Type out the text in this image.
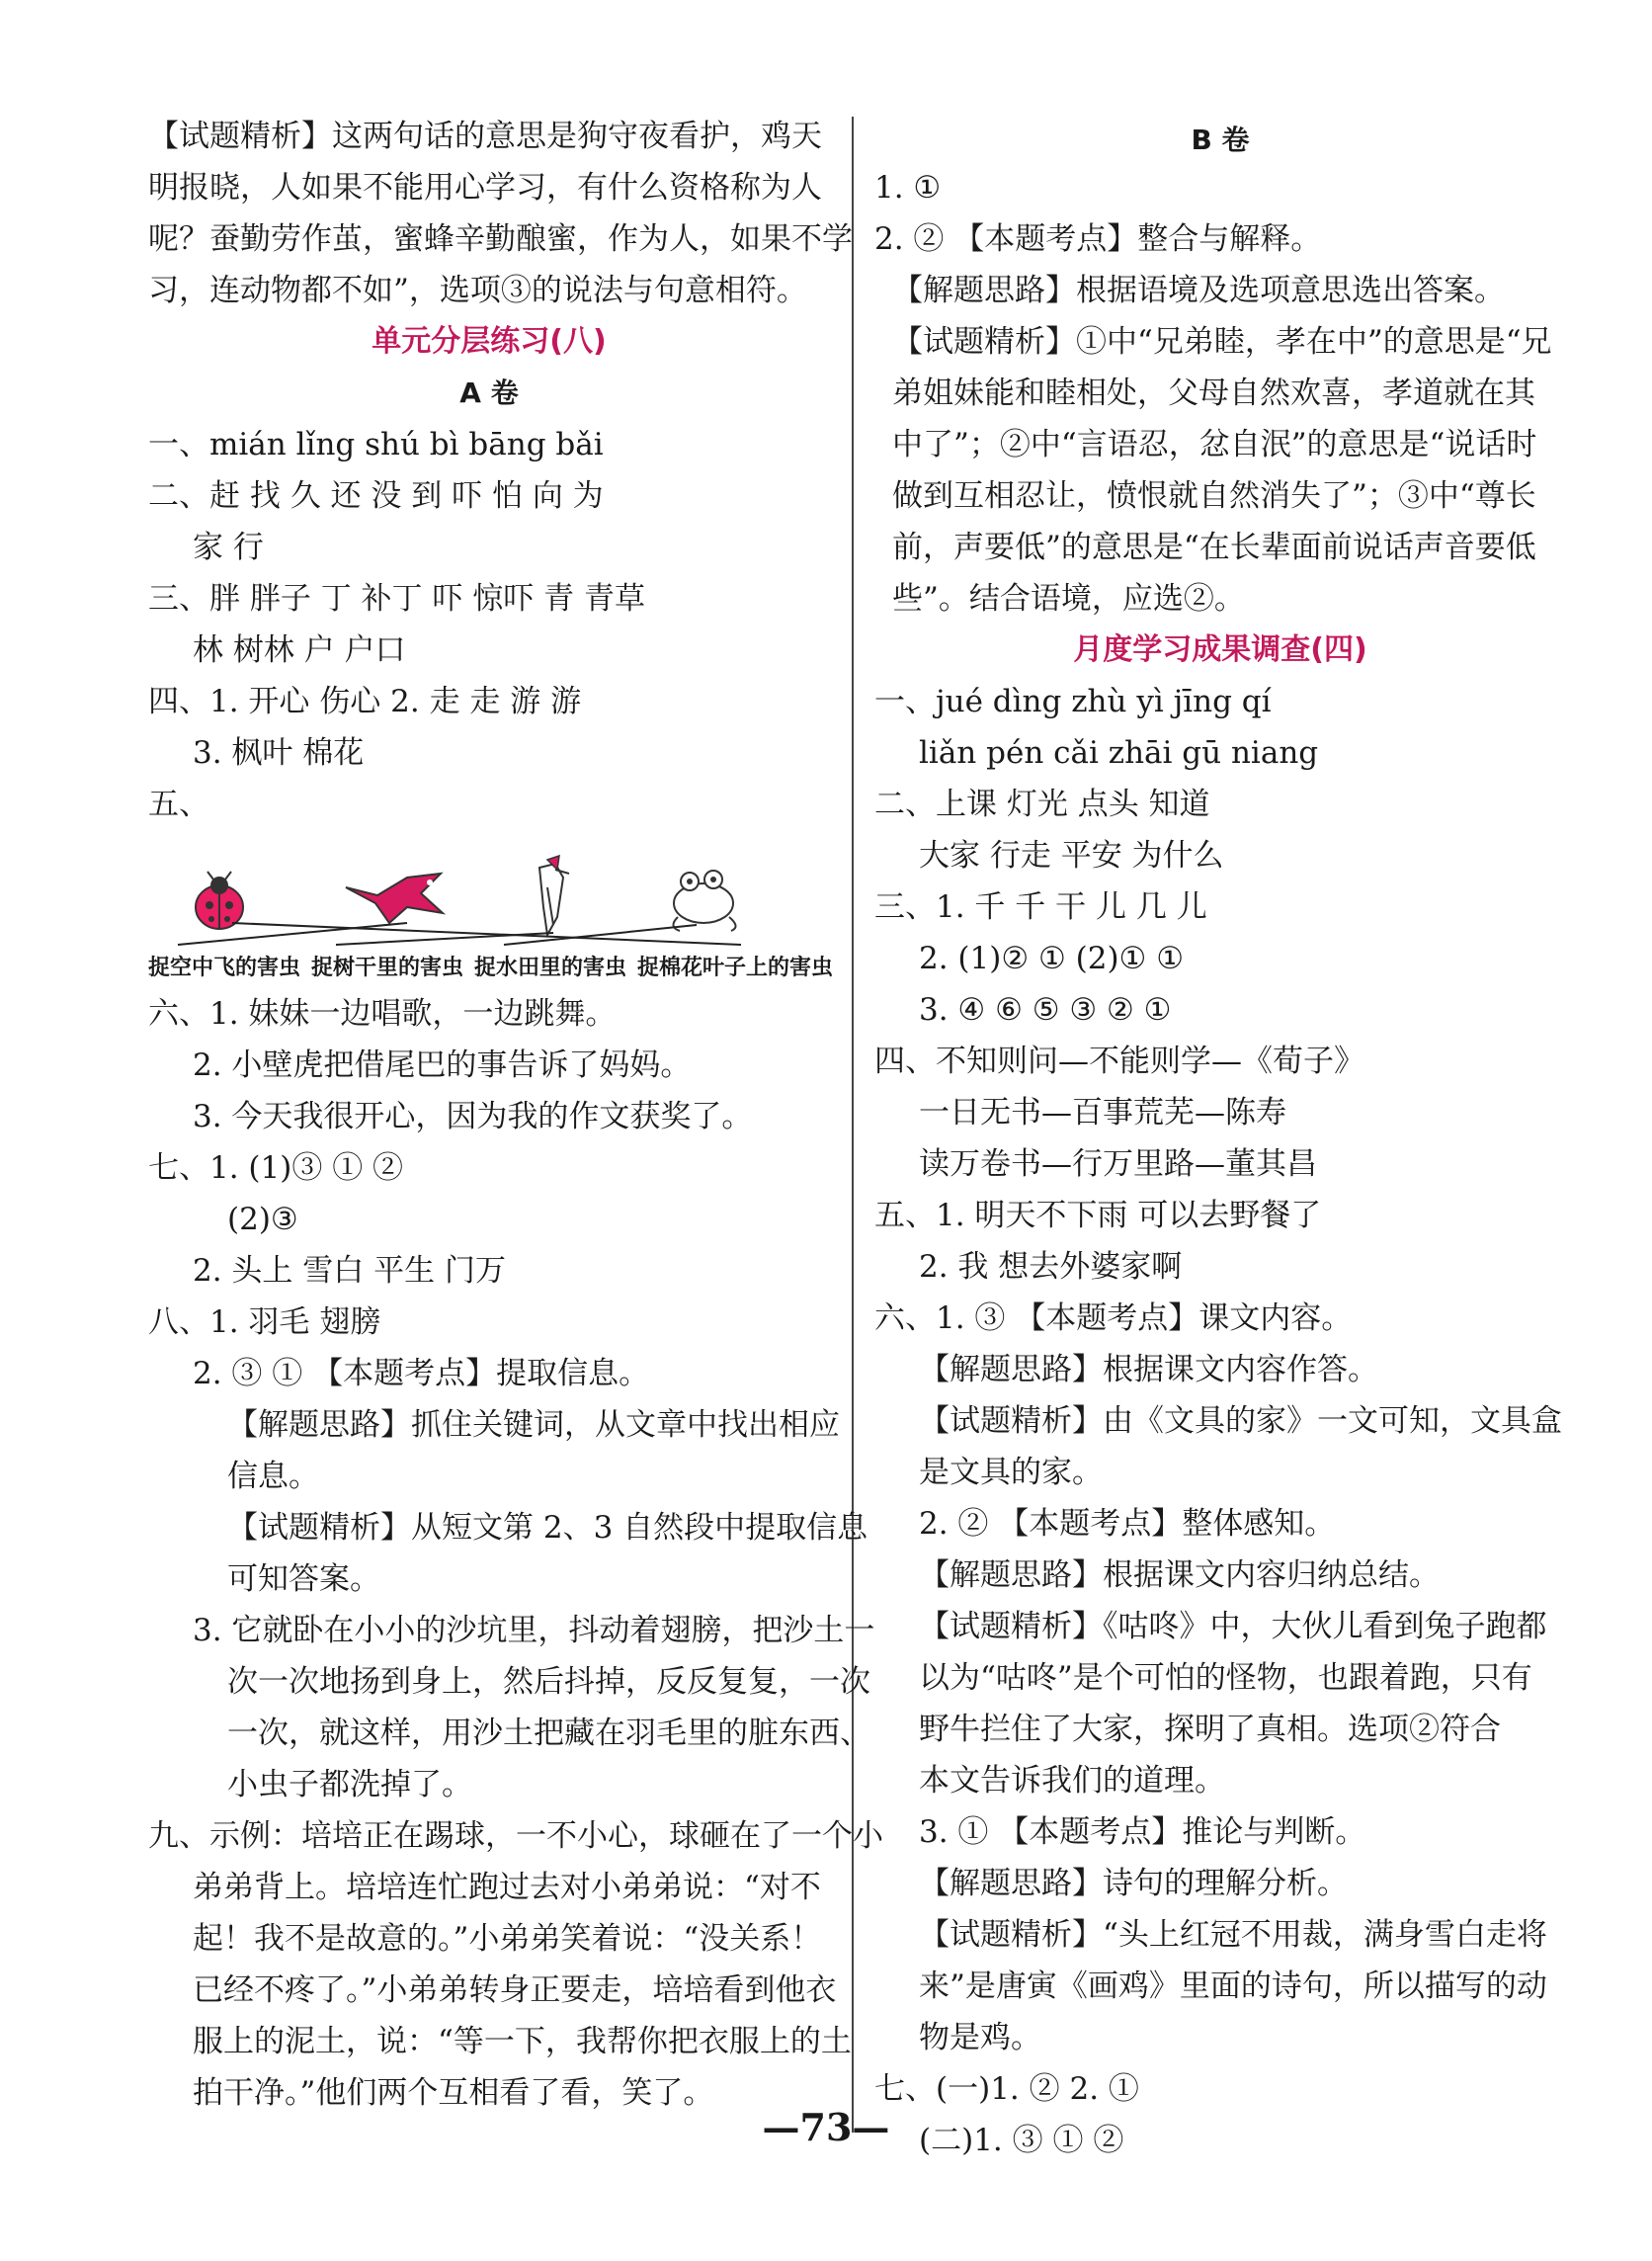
【试题精析】这两句话的意思是狗守夜看护，鸡天
明报晓，人如果不能用心学习，有什么资格称为人
呢？蚕勤劳作茧，蜜蜂辛勤酿蜜，作为人，如果不学
习，连动物都不如”，选项③的说法与句意相符。
单元分层练习(八)
A 卷
一、mián lǐng shú bì bāng bǎi
二、赶 找 久 还 没 到 吓 怕 向 为
家 行
三、胖 胖子 丁 补丁 吓 惊吓 青 青草
林 树林 户 户口
四、1. 开心 伤心 2. 走 走 游 游
3. 枫叶 棉花
五、
捉空中飞的害虫 捉树干里的害虫 捉水田里的害虫 捉棉花叶子上的害虫
六、1. 妹妹一边唱歌，一边跳舞。
2. 小壁虎把借尾巴的事告诉了妈妈。
3. 今天我很开心，因为我的作文获奖了。
七、1. (1)③ ① ②
(2)③
2. 头上 雪白 平生 门万
八、1. 羽毛 翅膀
2. ③ ① 【本题考点】提取信息。
【解题思路】抓住关键词，从文章中找出相应
信息。
【试题精析】从短文第 2、3 自然段中提取信息
可知答案。
3. 它就卧在小小的沙坑里，抖动着翅膀，把沙土一
次一次地扬到身上，然后抖掉，反反复复，一次
一次，就这样，用沙土把藏在羽毛里的脏东西、
小虫子都洗掉了。
九、示例：培培正在踢球，一不小心，球砸在了一个小
弟弟背上。培培连忙跑过去对小弟弟说：“对不
起！我不是故意的。”小弟弟笑着说：“没关系！
已经不疼了。”小弟弟转身正要走，培培看到他衣
服上的泥土，说：“等一下，我帮你把衣服上的土
拍干净。”他们两个互相看了看，笑了。
B 卷
1. ①
2. ② 【本题考点】整合与解释。
【解题思路】根据语境及选项意思选出答案。
【试题精析】①中“兄弟睦，孝在中”的意思是“兄
弟姐妹能和睦相处，父母自然欢喜，孝道就在其
中了”；②中“言语忍，忿自泯”的意思是“说话时
做到互相忍让，愤恨就自然消失了”；③中“尊长
前，声要低”的意思是“在长辈面前说话声音要低
些”。结合语境，应选②。
月度学习成果调查(四)
一、jué dìng zhù yì jīng qí
liǎn pén cǎi zhāi gū niang
二、上课 灯光 点头 知道
大家 行走 平安 为什么
三、1. 千 千 干 儿 几 儿
2. (1)② ① (2)① ①
3. ④ ⑥ ⑤ ③ ② ①
四、不知则问—不能则学—《荀子》
一日无书—百事荒芜—陈寿
读万卷书—行万里路—董其昌
五、1. 明天不下雨 可以去野餐了
2. 我 想去外婆家啊
六、1. ③ 【本题考点】课文内容。
【解题思路】根据课文内容作答。
【试题精析】由《文具的家》一文可知，文具盒
是文具的家。
2. ② 【本题考点】整体感知。
【解题思路】根据课文内容归纳总结。
【试题精析】《咕咚》中，大伙儿看到兔子跑都
以为“咕咚”是个可怕的怪物，也跟着跑，只有
野牛拦住了大家，探明了真相。选项②符合
本文告诉我们的道理。
3. ① 【本题考点】推论与判断。
【解题思路】诗句的理解分析。
【试题精析】“头上红冠不用裁，满身雪白走将
来”是唐寅《画鸡》里面的诗句，所以描写的动
物是鸡。
七、(一)1. ② 2. ①
(二)1. ③ ① ②
—73—
